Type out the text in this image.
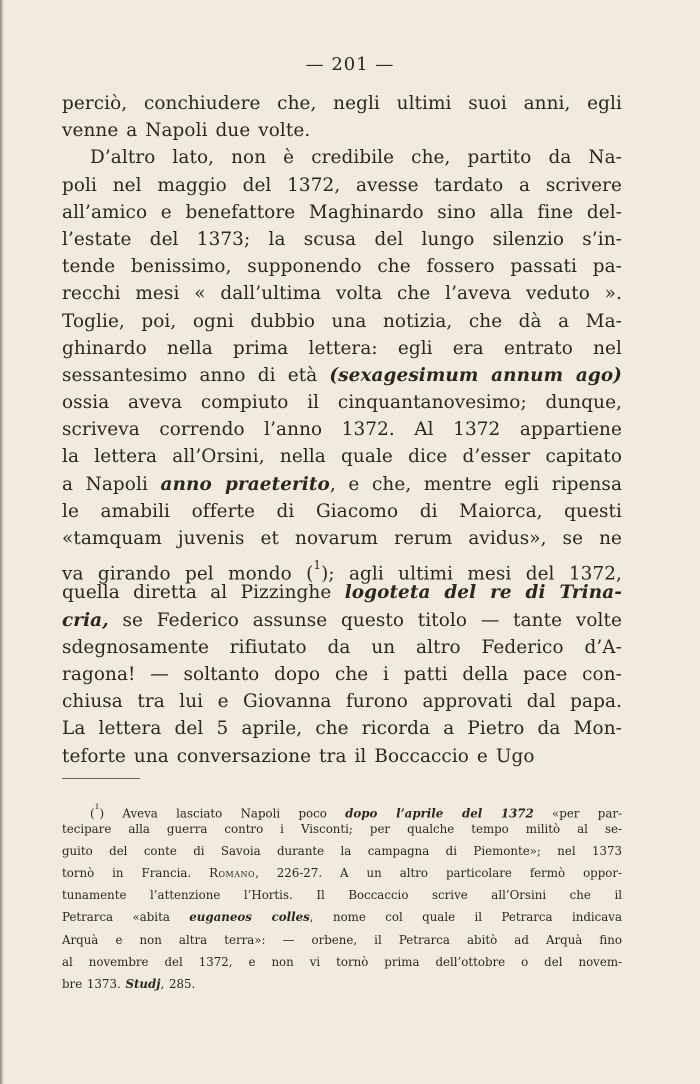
— 201 —
perciò, conchiudere che, negli ultimi suoi anni, egli
venne a Napoli due volte.
D’altro lato, non è credibile che, partito da Na-
poli nel maggio del 1372, avesse tardato a scrivere
all’amico e benefattore Maghinardo sino alla fine del-
l’estate del 1373; la scusa del lungo silenzio s’in-
tende benissimo, supponendo che fossero passati pa-
recchi mesi « dall’ultima volta che l’aveva veduto ».
Toglie, poi, ogni dubbio una notizia, che dà a Ma-
ghinardo nella prima lettera: egli era entrato nel
sessantesimo anno di età (sexagesimum annum ago)
ossia aveva compiuto il cinquantanovesimo; dunque,
scriveva correndo l’anno 1372. Al 1372 appartiene
la lettera all’Orsini, nella quale dice d’esser capitato
a Napoli anno praeterito, e che, mentre egli ripensa
le amabili offerte di Giacomo di Maiorca, questi
«tamquam juvenis et novarum rerum avidus», se ne
va girando pel mondo ($^1$); agli ultimi mesi del 1372,
quella diretta al Pizzinghe logoteta del re di Trina-
cria, se Federico assunse questo titolo — tante volte
sdegnosamente rifiutato da un altro Federico d’A-
ragona! — soltanto dopo che i patti della pace con-
chiusa tra lui e Giovanna furono approvati dal papa.
La lettera del 5 aprile, che ricorda a Pietro da Mon-
teforte una conversazione tra il Boccaccio e Ugo
($^1$) Aveva lasciato Napoli poco dopo l’aprile del 1372 «per par-
tecipare alla guerra contro i Visconti; per qualche tempo militò al se-
guito del conte di Savoia durante la campagna di Piemonte»; nel 1373
tornò in Francia. Romano, 226-27. A un altro particolare fermò oppor-
tunamente l’attenzione l’Hortis. Il Boccaccio scrive all’Orsini che il
Petrarca «abita euganeos colles, nome col quale il Petrarca indicava
Arquà e non altra terra»: — orbene, il Petrarca abitò ad Arquà fino
al novembre del 1372, e non vi tornò prima dell’ottobre o del novem-
bre 1373. Studj, 285.
